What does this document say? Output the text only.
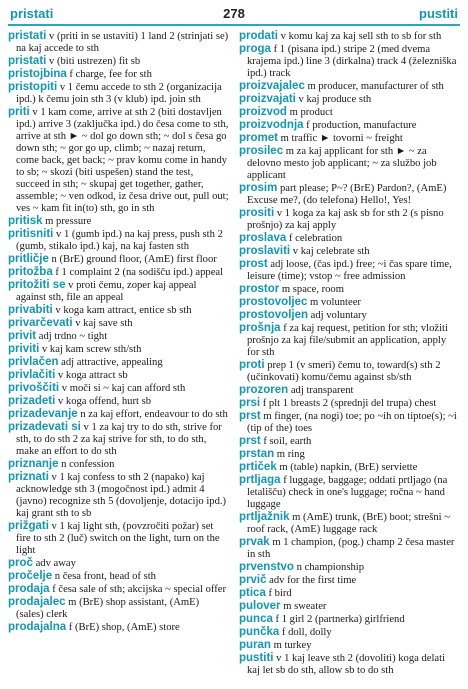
pristati	278	pustiti

pristati v (priti in se ustaviti) 1 land 2 (strinjati se) na kaj accede to sth

pristati v (biti ustrezen) fit sb

pristojbina f charge, fee for sth

pristopiti v 1 čemu accede to sth 2 (organizacija ipd.) k čemu join sth 3 (v klub) ipd. join sth

priti v 1 kam come, arrive at sth 2 (biti dostavljen ipd.) arrive 3 (zaključka ipd.) do česa come to sth, arrive at sth ► ~ dol go down sth; ~ dol s česa go down sth; ~ gor go up, climb; ~ nazaj return, come back, get back; ~ prav komu come in handy to sb; ~ skozi (biti uspešen) stand the test, succeed in sth; ~ skupaj get together, gather, assemble; ~ ven odkod, iz česa drive out, pull out; ves ~ kam fit in(to) sth, go in sth

pritisk m pressure

pritisniti v 1 (gumb ipd.) na kaj press, push sth 2 (gumb, stikalo ipd.) kaj, na kaj fasten sth

pritličje n (BrE) ground floor, (AmE) first floor

pritožba f 1 complaint 2 (na sodišču ipd.) appeal

pritožiti se v proti čemu, zoper kaj appeal against sth, file an appeal

privabiti v koga kam attract, entice sb sth

privarčevati v kaj save sth

privit adj trdno ~ tight

priviti v kaj kam screw sth/sth

privlačen adj attractive, appealing

privlačiti v koga attract sb

privoščiti v moči si ~ kaj can afford sth

prizadeti v koga offend, hurt sb

prizadevanje n za kaj effort, endeavour to do sth

prizadevati si v 1 za kaj try to do sth, strive for sth, to do sth 2 za kaj strive for sth, to do sth, make an effort to do sth

priznanje n confession

priznati v 1 kaj confess to sth 2 (napako) kaj acknowledge sth 3 (mogočnost ipd.) admit 4 (javno) recognize sth 5 (dovoljenje, dotacijo ipd.) kaj grant sth to sb

prižgati v 1 kaj light sth, (povzročiti požar) set fire to sth 2 (luč) switch on the light, turn on the light

proč adv away

pročelje n česa front, head of sth

prodaja f česa sale of sth; akcijska ~ special offer

prodajalec m (BrE) shop assistant, (AmE) (sales) clerk

prodajalna f (BrE) shop, (AmE) store

prodati v komu kaj za kaj sell sth to sb for sth

proga f 1 (pisana ipd.) stripe 2 (med dvema krajema ipd.) line 3 (dirkalna) track 4 (železniška ipd.) track

proizvajalec m producer, manufacturer of sth

proizvajati v kaj produce sth

proizvod m product

proizvodnja f production, manufacture

promet m traffic ► tovorni ~ freight

prosilec m za kaj applicant for sth ► ~ za delovno mesto job applicant; ~ za službo job applicant

prosim part please; P~? (BrE) Pardon?, (AmE) Excuse me?, (do telefona) Hello!, Yes!

prositi v 1 koga za kaj ask sb for sth 2 (s pisno prošnjo) za kaj apply

proslava f celebration

proslaviti v kaj celebrate sth

prost adj loose, (čas ipd.) free; ~i čas spare time, leisure (time); vstop ~ free admission

prostor m space, room

prostovoljec m volunteer

prostovoljen adj voluntary

prošnja f za kaj request, petition for sth; vložiti prošnjo za kaj file/submit an application, apply for sth

proti prep 1 (v smeri) čemu to, toward(s) sth 2 (učinkovati) komu/čemu against sb/sth

prozoren adj transparent

prsi f plt 1 breasts 2 (sprednji del trupa) chest

prst m finger, (na nogi) toe; po ~ih on tiptoe(s); ~i (tip of the) toes

prst f soil, earth

prstan m ring

prtiček m (table) napkin, (BrE) serviette

prtljaga f luggage, baggage; oddati prtljago (na letališču) check in one's luggage; ročna ~ hand luggage

prtljažnik m (AmE) trunk, (BrE) boot; strešni ~ roof rack, (AmE) luggage rack

prvak m 1 champion, (pog.) champ 2 česa master in sth

prvenstvo n championship

prvič adv for the first time

ptica f bird

pulover m sweater

punca f 1 girl 2 (partnerka) girlfriend

punčka f doll, dolly

puran m turkey

pustiti v 1 kaj leave sth 2 (dovoliti) koga delati kaj let sb do sth, allow sb to do sth
